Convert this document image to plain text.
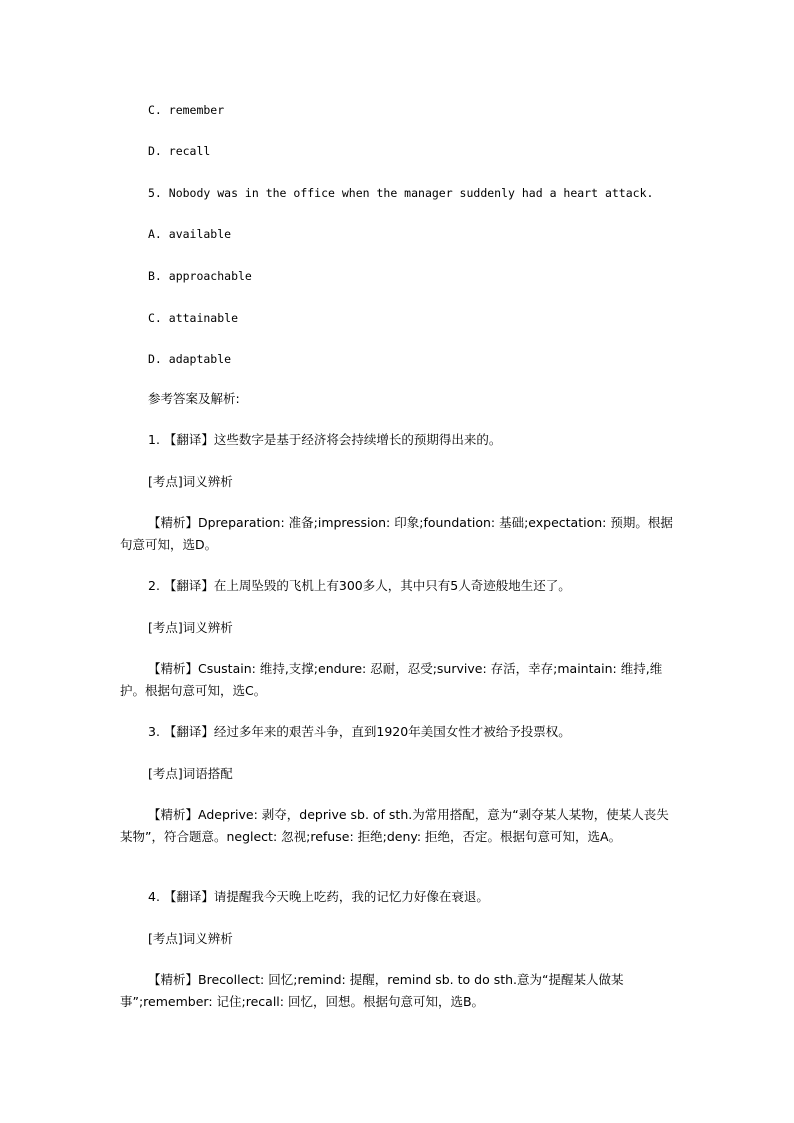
C. remember
D. recall
5. Nobody was in the office when the manager suddenly had a heart attack.
A. available
B. approachable
C. attainable
D. adaptable
参考答案及解析:
1. 【翻译】这些数字是基于经济将会持续增长的预期得出来的。
[考点]词义辨析
【精析】Dpreparation: 准备;impression: 印象;foundation: 基础;expectation: 预期。根据句意可知，选D。
2. 【翻译】在上周坠毁的飞机上有300多人，其中只有5人奇迹般地生还了。
[考点]词义辨析
【精析】Csustain: 维持,支撑;endure: 忍耐，忍受;survive: 存活，幸存;maintain: 维持,维护。根据句意可知，选C。
3. 【翻译】经过多年来的艰苦斗争，直到1920年美国女性才被给予投票权。
[考点]词语搭配
【精析】Adeprive: 剥夺，deprive sb. of sth.为常用搭配，意为“剥夺某人某物，使某人丧失某物”，符合题意。neglect: 忽视;refuse: 拒绝;deny: 拒绝，否定。根据句意可知，选A。
4. 【翻译】请提醒我今天晚上吃药，我的记忆力好像在衰退。
[考点]词义辨析
【精析】Brecollect: 回忆;remind: 提醒，remind sb. to do sth.意为“提醒某人做某事”;remember: 记住;recall: 回忆，回想。根据句意可知，选B。
